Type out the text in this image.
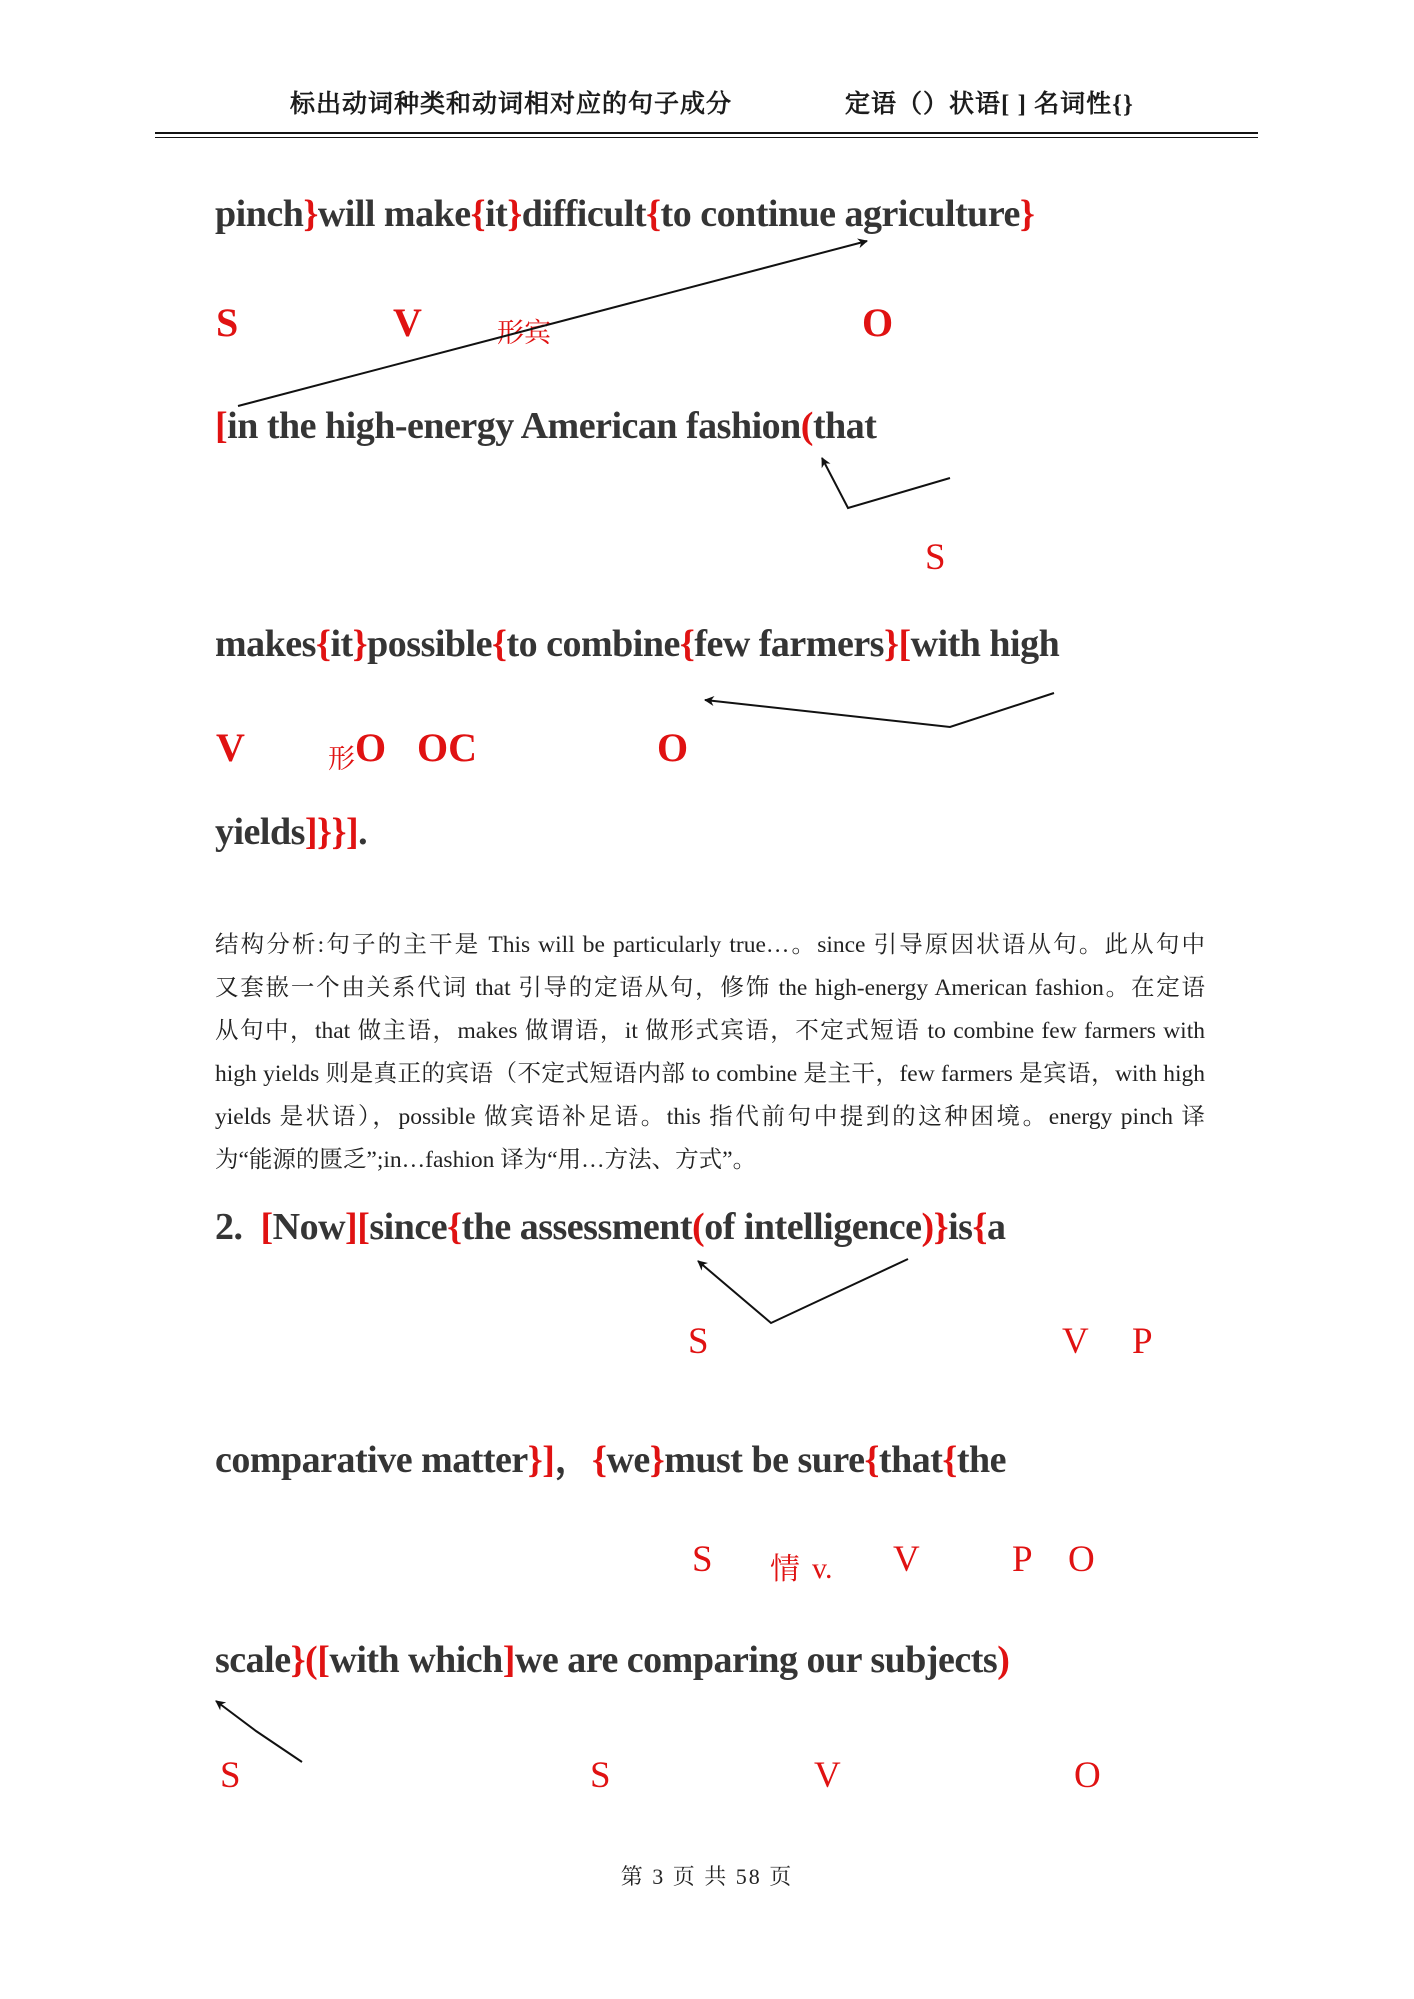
标出动词种类和动词相对应的句子成分	定语（）状语[ ] 名词性{}
pinch}will make{it}difficult{to continue agriculture}
S	V	形宾	O
[in the high-energy American fashion(that
S
makes{it}possible{to combine{few farmers}[with high
V	形 O OC	O
yields]}}].
结构分析:句子的主干是 This will be particularly true…。since 引导原因状语从句。此从句中
又套嵌一个由关系代词 that 引导的定语从句，修饰 the high-energy American fashion。在定语
从句中，that 做主语，makes 做谓语，it 做形式宾语，不定式短语 to combine few farmers with
high yields 则是真正的宾语（不定式短语内部 to combine 是主干，few farmers 是宾语，with high
yields 是状语），possible 做宾语补足语。this 指代前句中提到的这种困境。energy pinch 译
为“能源的匮乏”;in…fashion 译为“用…方法、方式”。
2.  [Now][since{the assessment(of intelligence)}is{a
S	V P
comparative matter}]，{we}must be sure{that{the
S 情 v. V P O
scale}([with which]we are comparing our subjects)
S	S	V	O
第 3 页 共 58 页
